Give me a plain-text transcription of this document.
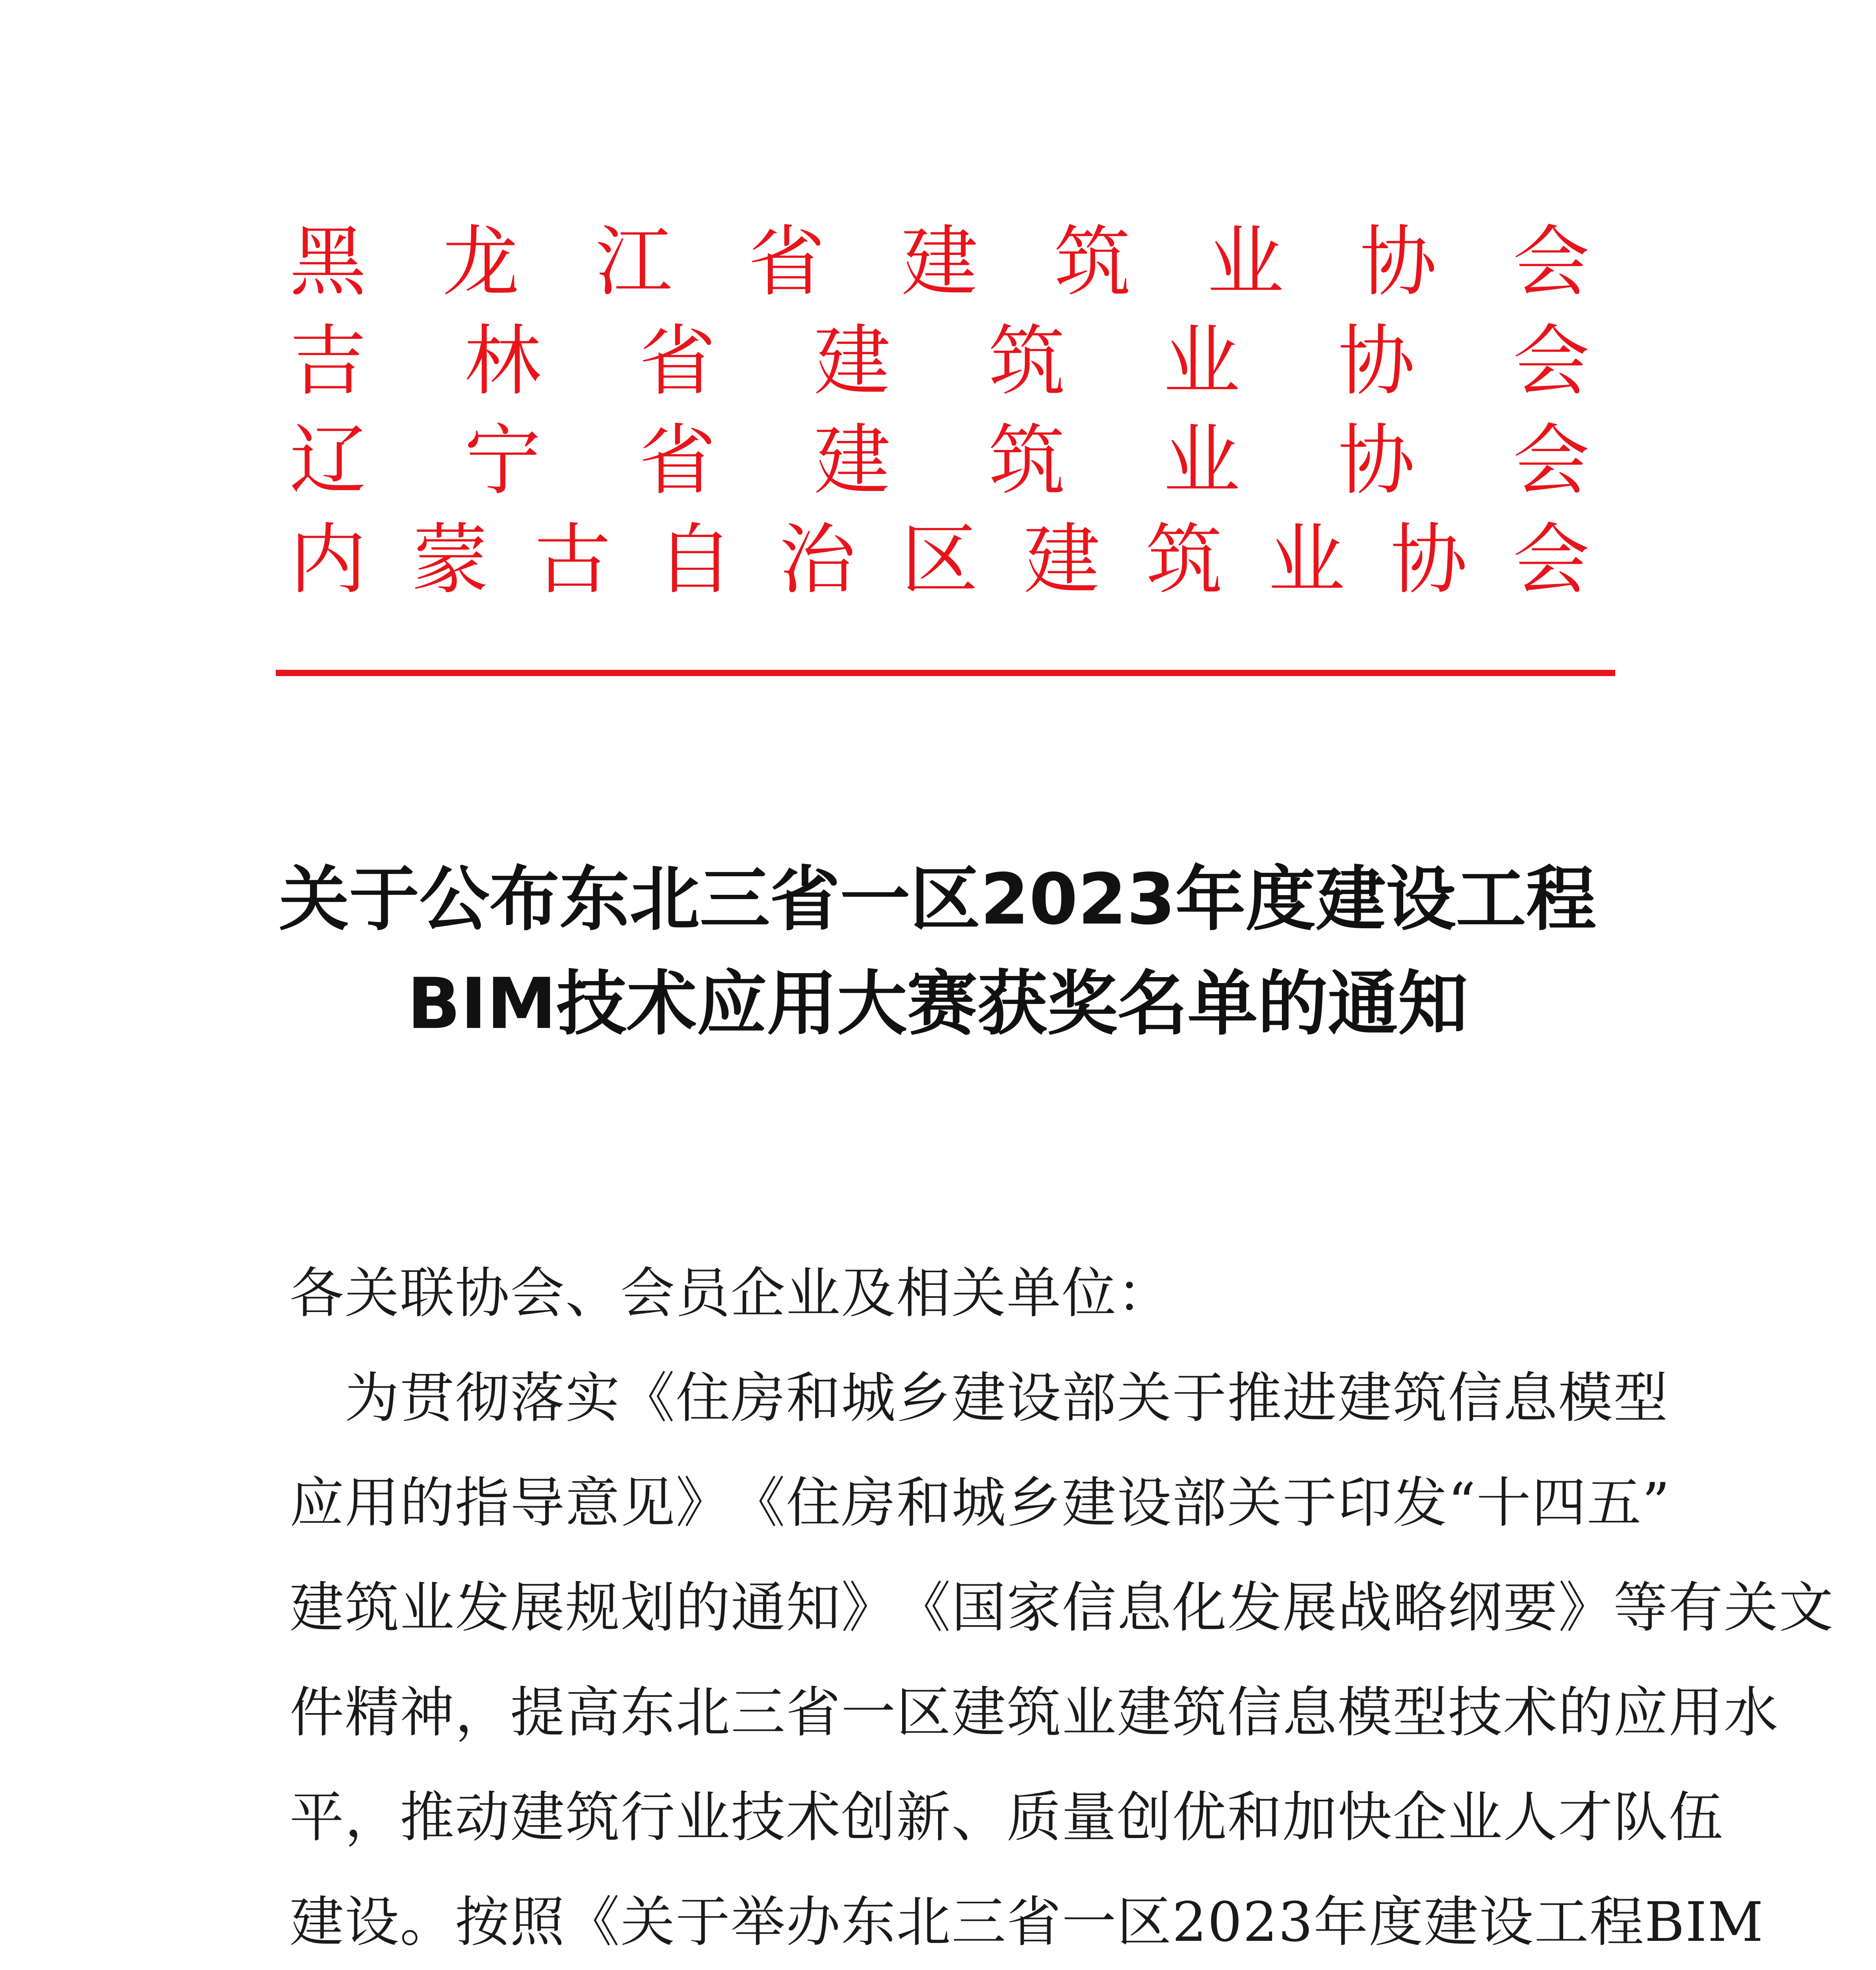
黑 龙 江 省 建 筑 业 协 会
吉 林 省 建 筑 业 协 会
辽 宁 省 建 筑 业 协 会
内 蒙 古 自 治 区 建 筑 业 协 会
关于公布东北三省一区2023年度建设工程
BIM技术应用大赛获奖名单的通知
各关联协会、会员企业及相关单位：

为 贯 彻 落 实 《 住 房 和 城 乡 建 设 部 关 于 推 进 建 筑 信 息 模 型
应 用 的 指 导 意 见 》 《 住 房 和 城 乡 建 设 部 关 于 印 发 “ 十 四 五 ”
建 筑 业 发 展 规 划 的 通 知 》 《 国 家 信 息 化 发 展 战 略 纲 要 》 等 有 关 文
件 精 神 ， 提 高 东 北 三 省 一 区 建 筑 业 建 筑 信 息 模 型 技 术 的 应 用 水
平 ， 推 动 建 筑 行 业 技 术 创 新 、 质 量 创 优 和 加 快 企 业 人 才 队 伍
建 设 。 按 照 《 关 于 举 办 东 北 三 省 一 区 2023 年 度 建 设 工 程 BIM
